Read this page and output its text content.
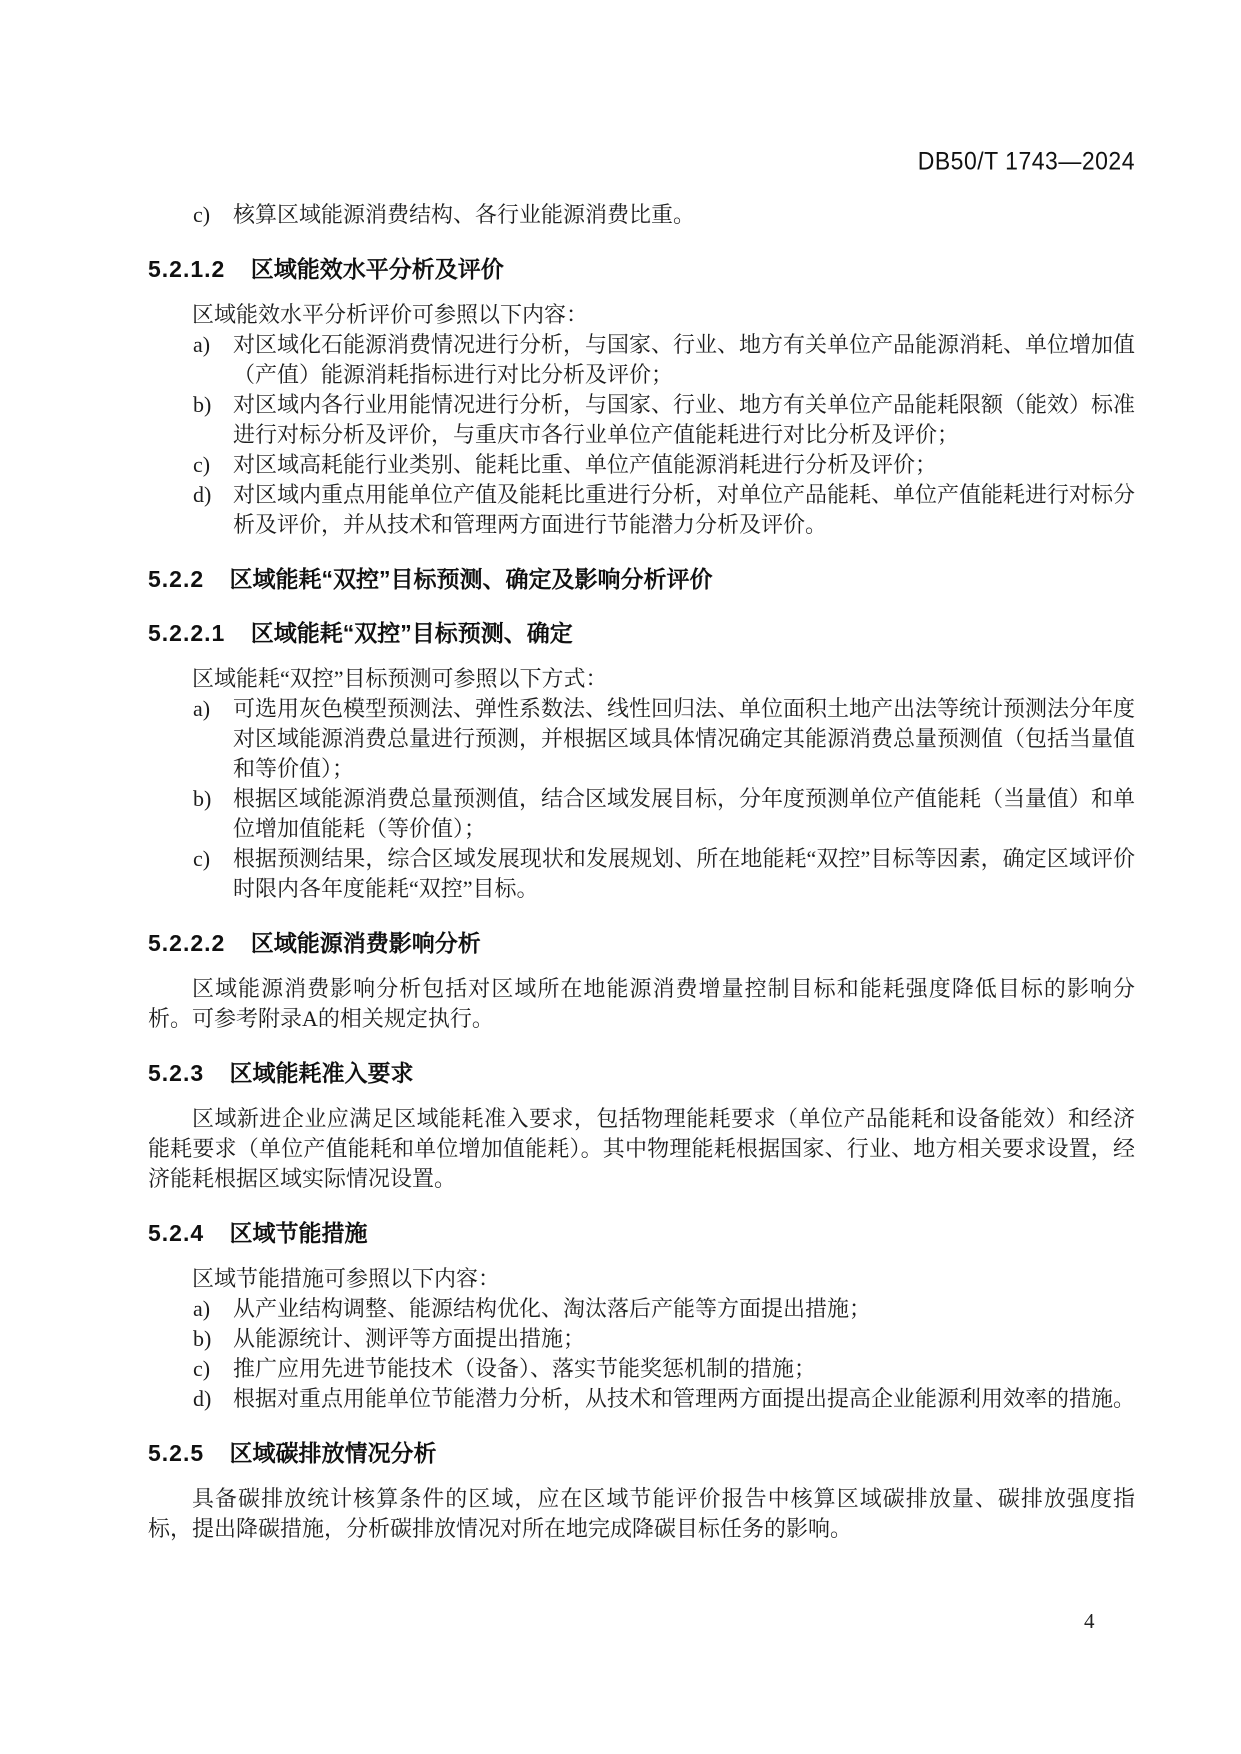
DB50/T 1743—2024
c) 核算区域能源消费结构、各行业能源消费比重。
5.2.1.2 区域能效水平分析及评价

区域能效水平分析评价可参照以下内容：

a) 对区域化石能源消费情况进行分析，与国家、行业、地方有关单位产品能源消耗、单位增加值（产值）能源消耗指标进行对比分析及评价；
b) 对区域内各行业用能情况进行分析，与国家、行业、地方有关单位产品能耗限额（能效）标准进行对标分析及评价，与重庆市各行业单位产值能耗进行对比分析及评价；
c) 对区域高耗能行业类别、能耗比重、单位产值能源消耗进行分析及评价；
d) 对区域内重点用能单位产值及能耗比重进行分析，对单位产品能耗、单位产值能耗进行对标分析及评价，并从技术和管理两方面进行节能潜力分析及评价。
5.2.2 区域能耗“双控”目标预测、确定及影响分析评价
5.2.2.1 区域能耗“双控”目标预测、确定

区域能耗“双控”目标预测可参照以下方式：

a) 可选用灰色模型预测法、弹性系数法、线性回归法、单位面积土地产出法等统计预测法分年度对区域能源消费总量进行预测，并根据区域具体情况确定其能源消费总量预测值（包括当量值和等价值）；
b) 根据区域能源消费总量预测值，结合区域发展目标，分年度预测单位产值能耗（当量值）和单位增加值能耗（等价值）；
c) 根据预测结果，综合区域发展现状和发展规划、所在地能耗“双控”目标等因素，确定区域评价时限内各年度能耗“双控”目标。
5.2.2.2 区域能源消费影响分析

区域能源消费影响分析包括对区域所在地能源消费增量控制目标和能耗强度降低目标的影响分析。可参考附录A的相关规定执行。

5.2.3 区域能耗准入要求

区域新进企业应满足区域能耗准入要求，包括物理能耗要求（单位产品能耗和设备能效）和经济能耗要求（单位产值能耗和单位增加值能耗）。其中物理能耗根据国家、行业、地方相关要求设置，经济能耗根据区域实际情况设置。

5.2.4 区域节能措施

区域节能措施可参照以下内容：

a) 从产业结构调整、能源结构优化、淘汰落后产能等方面提出措施；
b) 从能源统计、测评等方面提出措施；
c) 推广应用先进节能技术（设备）、落实节能奖惩机制的措施；
d) 根据对重点用能单位节能潜力分析，从技术和管理两方面提出提高企业能源利用效率的措施。
5.2.5 区域碳排放情况分析

具备碳排放统计核算条件的区域，应在区域节能评价报告中核算区域碳排放量、碳排放强度指标，提出降碳措施，分析碳排放情况对所在地完成降碳目标任务的影响。

4
